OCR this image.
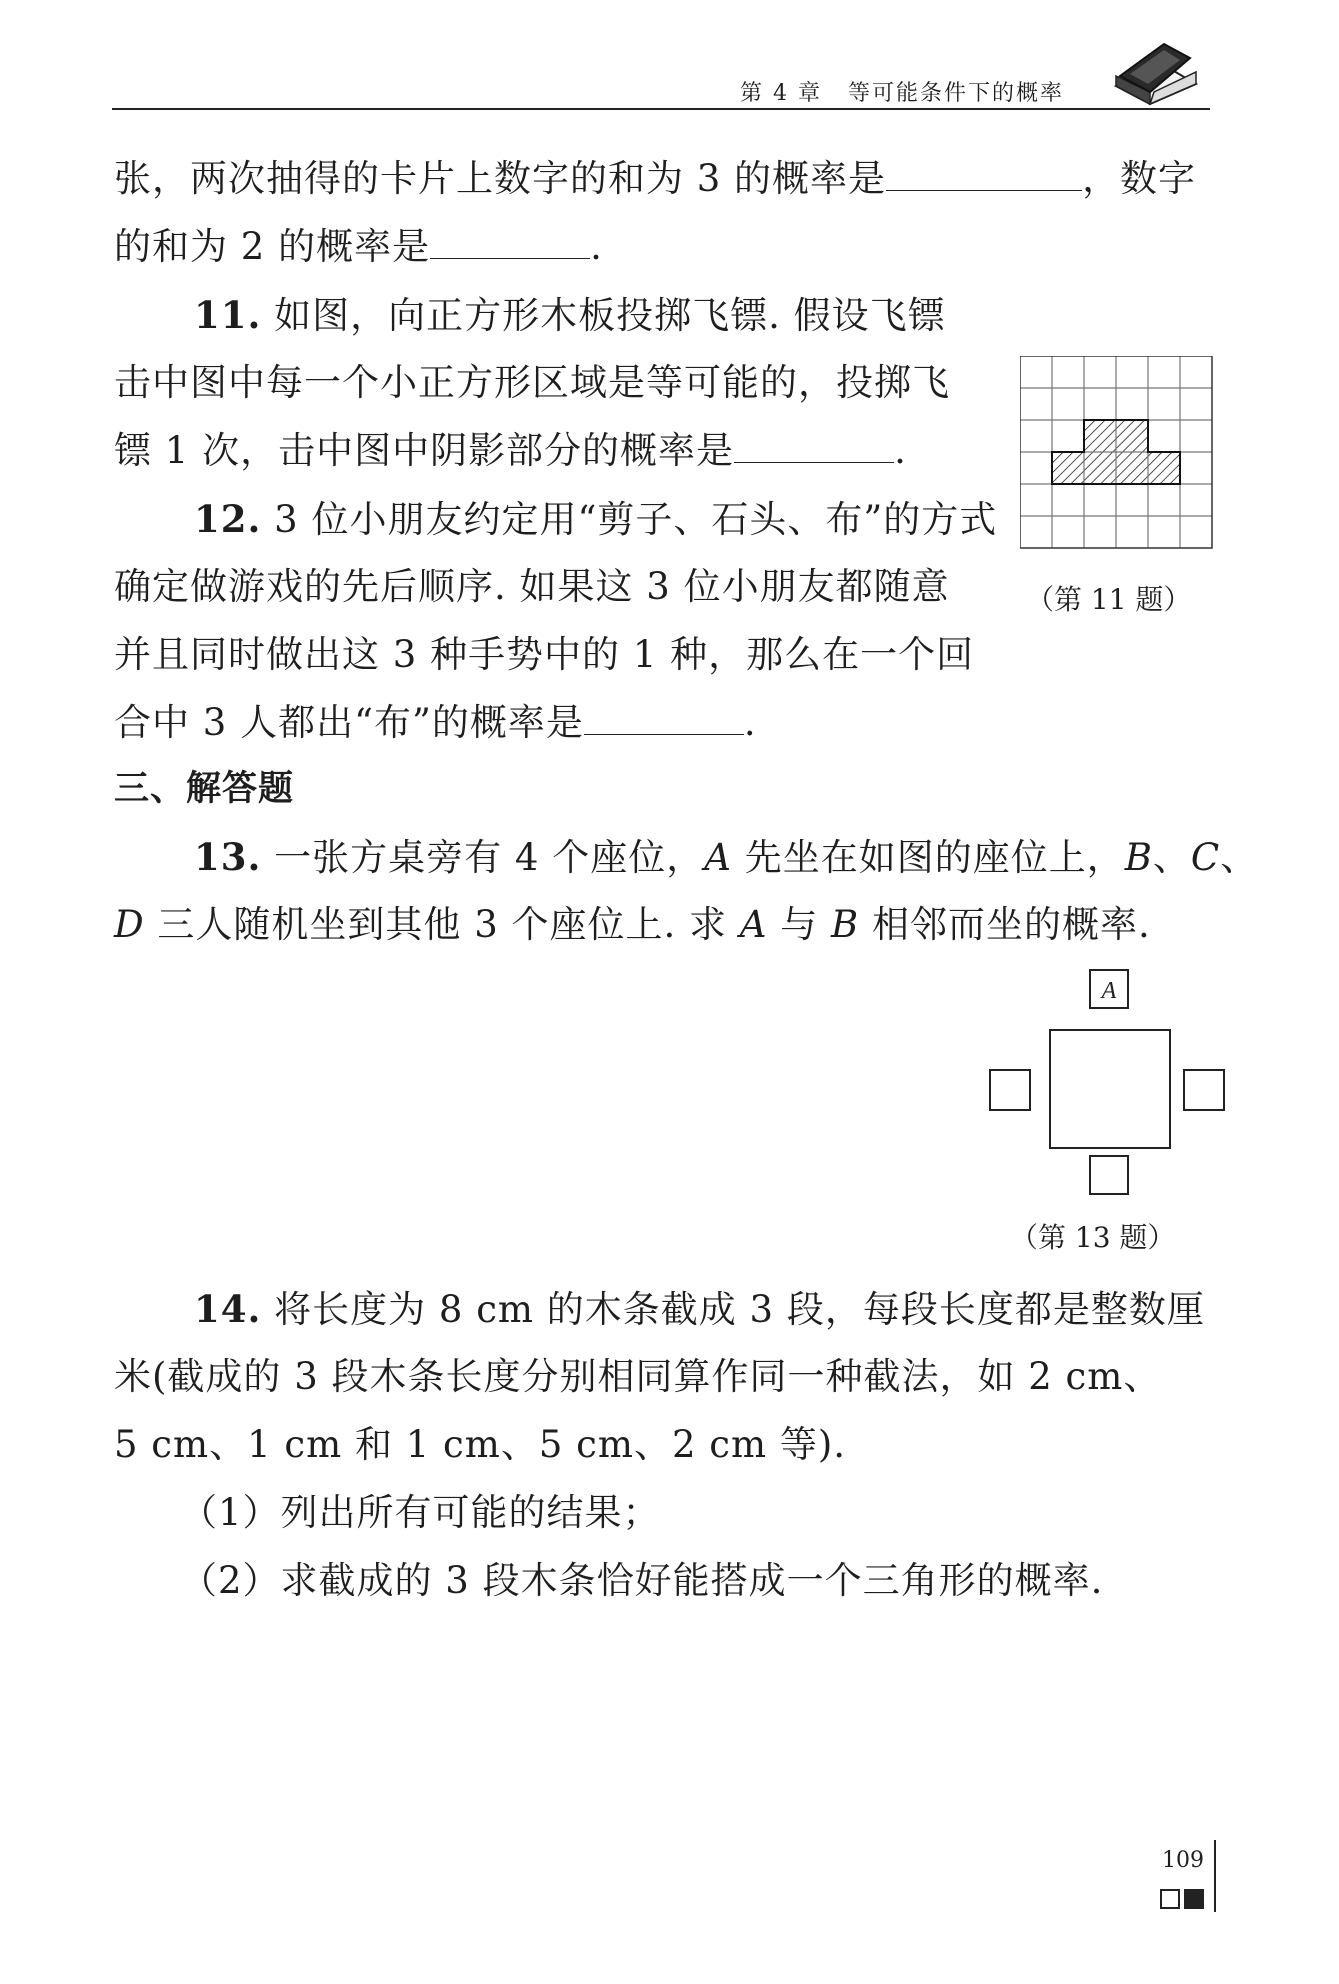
第 4 章 等可能条件下的概率
张，两次抽得的卡片上数字的和为 3 的概率是	，数字
的和为 2 的概率是	.
11. 如图，向正方形木板投掷飞镖. 假设飞镖
击中图中每一个小正方形区域是等可能的，投掷飞
镖 1 次，击中图中阴影部分的概率是	.
（第 11 题）
12. 3 位小朋友约定用“剪子、石头、布”的方式
确定做游戏的先后顺序. 如果这 3 位小朋友都随意
并且同时做出这 3 种手势中的 1 种，那么在一个回
合中 3 人都出“布”的概率是	.
三、解答题
13. 一张方桌旁有 4 个座位，A 先坐在如图的座位上，B、C、
D 三人随机坐到其他 3 个座位上. 求 A 与 B 相邻而坐的概率.
A
（第 13 题）
14. 将长度为 8 cm 的木条截成 3 段，每段长度都是整数厘
米(截成的 3 段木条长度分别相同算作同一种截法，如 2 cm、
5 cm、1 cm 和 1 cm、5 cm、2 cm 等).
（1）列出所有可能的结果；
（2）求截成的 3 段木条恰好能搭成一个三角形的概率.
109
